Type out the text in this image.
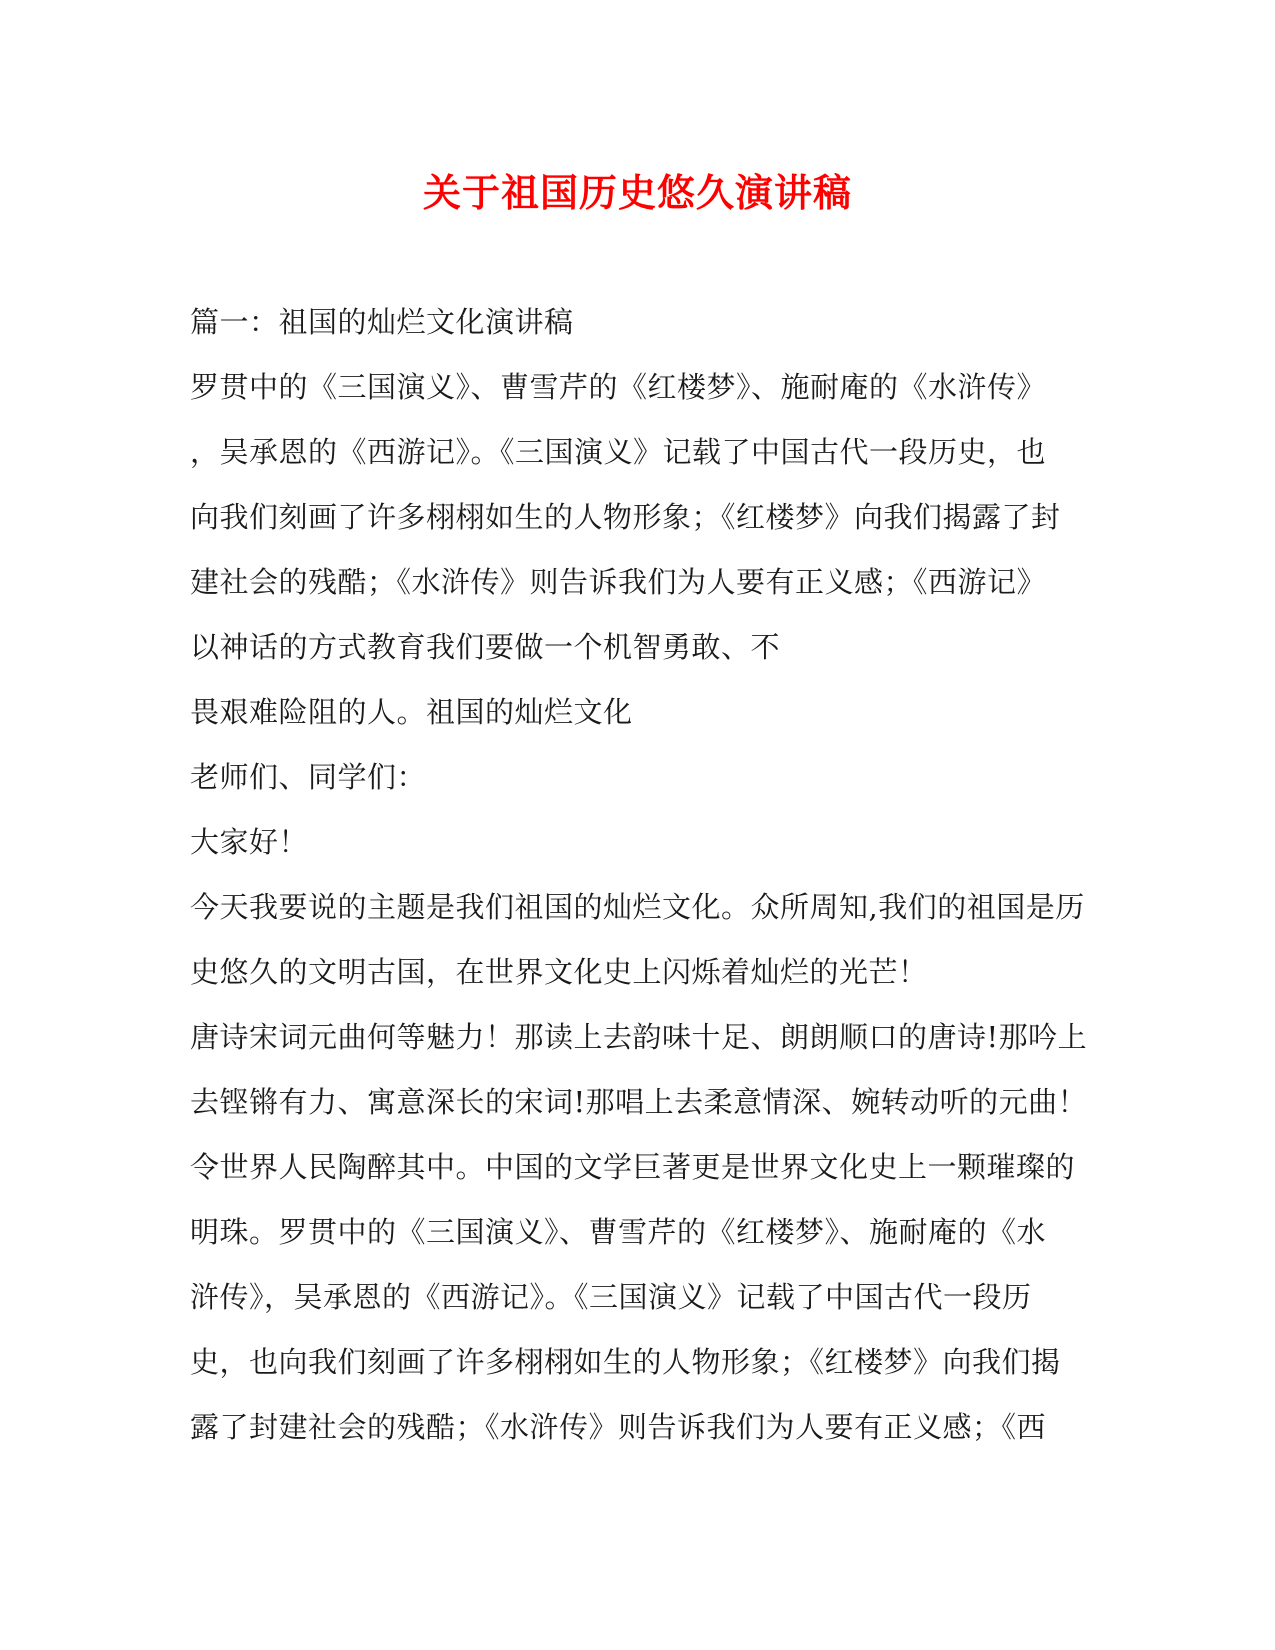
关于祖国历史悠久演讲稿
篇一：祖国的灿烂文化演讲稿
罗贯中的《三国演义》、曹雪芹的《红楼梦》、施耐庵的《水浒传》
，吴承恩的《西游记》。《三国演义》记载了中国古代一段历史，也
向我们刻画了许多栩栩如生的人物形象；《红楼梦》向我们揭露了封
建社会的残酷；《水浒传》则告诉我们为人要有正义感；《西游记》
以神话的方式教育我们要做一个机智勇敢、不
畏艰难险阻的人。祖国的灿烂文化
老师们、同学们：
大家好！
今天我要说的主题是我们祖国的灿烂文化。众所周知,我们的祖国是历
史悠久的文明古国，在世界文化史上闪烁着灿烂的光芒！
唐诗宋词元曲何等魅力！那读上去韵味十足、朗朗顺口的唐诗!那吟上
去铿锵有力、寓意深长的宋词!那唱上去柔意情深、婉转动听的元曲！
令世界人民陶醉其中。中国的文学巨著更是世界文化史上一颗璀璨的
明珠。罗贯中的《三国演义》、曹雪芹的《红楼梦》、施耐庵的《水
浒传》，吴承恩的《西游记》。《三国演义》记载了中国古代一段历
史，也向我们刻画了许多栩栩如生的人物形象；《红楼梦》向我们揭
露了封建社会的残酷；《水浒传》则告诉我们为人要有正义感；《西
